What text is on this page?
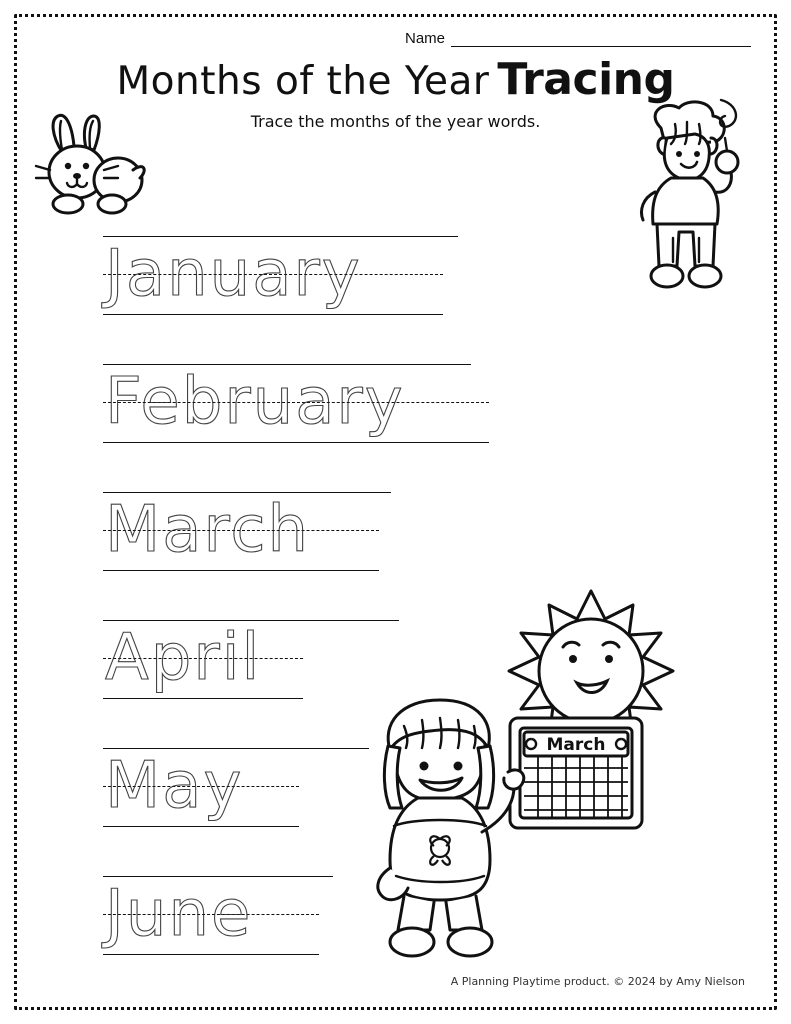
Name
Months of the Year Tracing
Trace the months of the year words.
January
February
March
April
May
June
March
A Planning Playtime product. © 2024 by Amy Nielson
